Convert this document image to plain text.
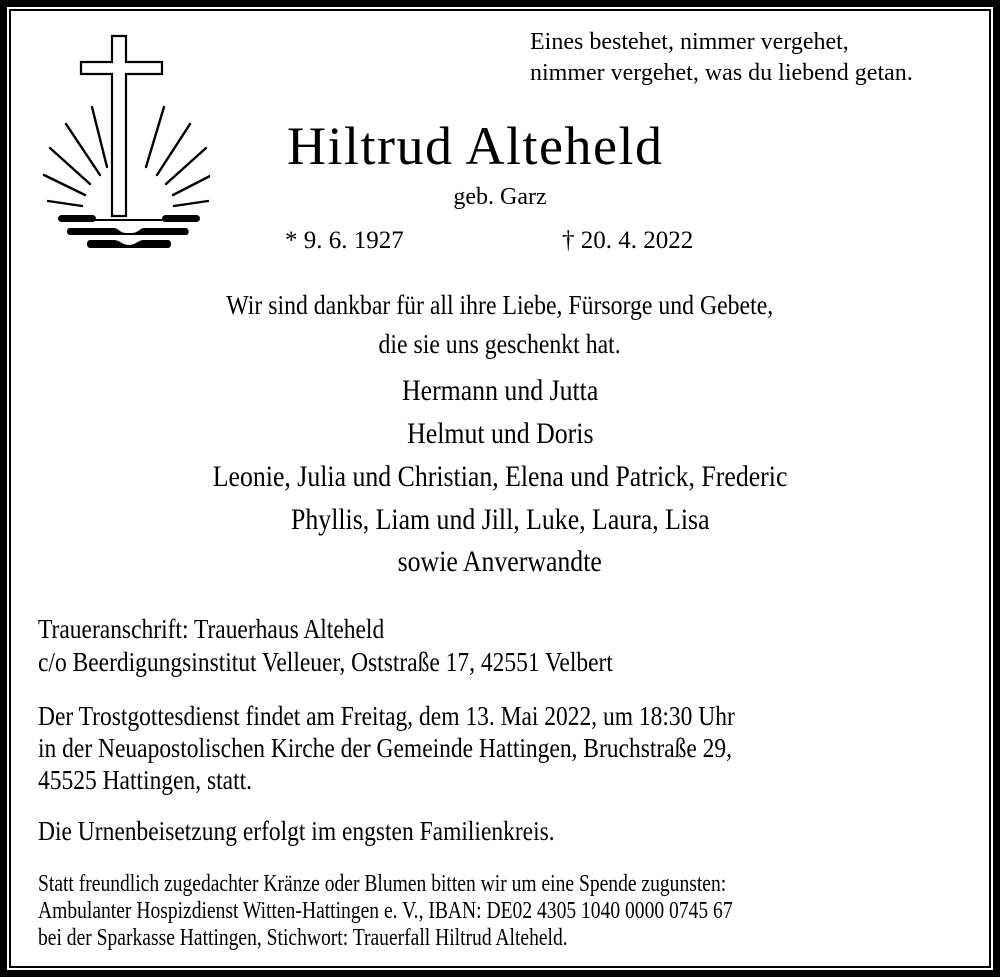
Eines bestehet, nimmer vergehet,
nimmer vergehet, was du liebend getan.
Hiltrud Alteheld
geb. Garz
* 9. 6. 1927	† 20. 4. 2022
Wir sind dankbar für all ihre Liebe, Fürsorge und Gebete,
die sie uns geschenkt hat.
Hermann und Jutta
Helmut und Doris
Leonie, Julia und Christian, Elena und Patrick, Frederic
Phyllis, Liam und Jill, Luke, Laura, Lisa
sowie Anverwandte
Traueranschrift: Trauerhaus Alteheld
c/o Beerdigungsinstitut Velleuer, Oststraße 17, 42551 Velbert
Der Trostgottesdienst findet am Freitag, dem 13. Mai 2022, um 18:30 Uhr
in der Neuapostolischen Kirche der Gemeinde Hattingen, Bruchstraße 29,
45525 Hattingen, statt.
Die Urnenbeisetzung erfolgt im engsten Familienkreis.
Statt freundlich zugedachter Kränze oder Blumen bitten wir um eine Spende zugunsten:
Ambulanter Hospizdienst Witten-Hattingen e. V., IBAN: DE02 4305 1040 0000 0745 67
bei der Sparkasse Hattingen, Stichwort: Trauerfall Hiltrud Alteheld.
